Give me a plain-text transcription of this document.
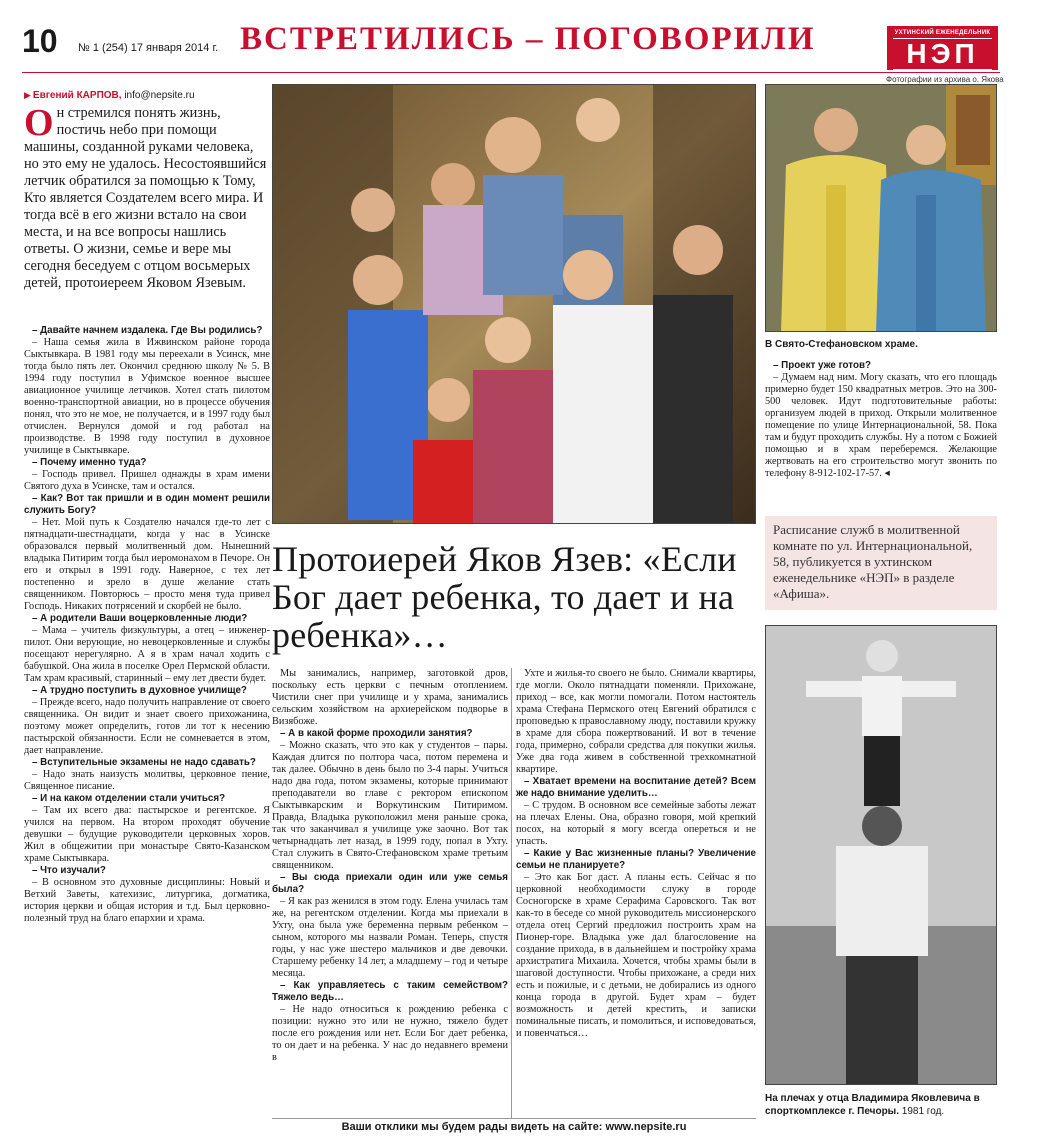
10 № 1 (254) 17 января 2014 г. ВСТРЕТИЛИСЬ – ПОГОВОРИЛИ	УХТИНСКИЙ ЕЖЕНЕДЕЛЬНИК
НЭП
Фотографии из архива о. Якова
▶ Евгений КАРПОВ, info@nepsite.ru
Он стремился понять жизнь, постичь небо при помощи машины, созданной руками человека, но это ему не удалось. Несостоявшийся летчик обратился за помощью к Тому, Кто является Создателем всего мира. И тогда всё в его жизни встало на свои места, и на все вопросы нашлись ответы. О жизни, семье и вере мы сегодня беседуем с отцом восьмерых детей, протоиереем Яковом Язевым.

– Давайте начнем издалека. Где Вы родились?

– Наша семья жила в Ижвинском районе города Сыктывкара. В 1981 году мы переехали в Усинск, мне тогда было пять лет. Окончил среднюю школу № 5. В 1994 году поступил в Уфимское военное высшее авиационное училище летчиков. Хотел стать пилотом военно-транспортной авиации, но в процессе обучения понял, что это не мое, не получается, и в 1997 году был отчислен. Вернулся домой и год работал на производстве. В 1998 году поступил в духовное училище в Сыктывкаре.

– Почему именно туда?

– Господь привел. Пришел однажды в храм имени Святого духа в Усинске, там и остался.

– Как? Вот так пришли и в один момент решили служить Богу?

– Нет. Мой путь к Создателю начался где-то лет с пятнадцати-шестнадцати, когда у нас в Усинске образовался первый молитвенный дом. Нынешний владыка Питирим тогда был иеромонахом в Печоре. Он его и открыл в 1991 году. Наверное, с тех лет постепенно и зрело в душе желание стать священником. Повторюсь – просто меня туда привел Господь. Никаких потрясений и скорбей не было.

– А родители Ваши воцерковленные люди?

– Мама – учитель физкультуры, а отец – инженер-пилот. Они верующие, но невоцерковленные и службы посещают нерегулярно. А я в храм начал ходить с бабушкой. Она жила в поселке Орел Пермской области. Там храм красивый, старинный – ему лет двести будет.

– А трудно поступить в духовное училище?

– Прежде всего, надо получить направление от своего священника. Он видит и знает своего прихожанина, поэтому может определить, готов ли тот к несению пастырской обязанности. Если не сомневается в этом, дает направление.

– Вступительные экзамены не надо сдавать?

– Надо знать наизусть молитвы, церковное пение, Священное писание.

– И на каком отделении стали учиться?

– Там их всего два: пастырское и регентское. Я учился на первом. На втором проходят обучение девушки – будущие руководители церковных хоров. Жил в общежитии при монастыре Свято-Казанском храме Сыктывкара.

– Что изучали?

– В основном это духовные дисциплины: Новый и Ветхий Заветы, катехизис, литургика, догматика, история церкви и общая история и т.д. Был церковно-полезный труд на благо епархии и храма.

Протоиерей Яков Язев: «Если Бог дает ребенка, то дает и на ребенка»…

Мы занимались, например, заготовкой дров, поскольку есть церкви с печным отоплением. Чистили снег при училище и у храма, занимались сельским хозяйством на архиерейском подворье в Визябоже.

– А в какой форме проходили занятия?

– Можно сказать, что это как у студентов – пары. Каждая длится по полтора часа, потом перемена и так далее. Обычно в день было по 3-4 пары. Учиться надо два года, потом экзамены, которые принимают преподаватели во главе с ректором епископом Сыктывкарским и Воркутинским Питиримом. Правда, Владыка рукоположил меня раньше срока, так что заканчивал я училище уже заочно. Вот так четырнадцать лет назад, в 1999 году, попал в Ухту. Стал служить в Свято-Стефановском храме третьим священником.

– Вы сюда приехали один или уже семья была?

– Я как раз женился в этом году. Елена училась там же, на регентском отделении. Когда мы приехали в Ухту, она была уже беременна первым ребенком – сыном, которого мы назвали Роман. Теперь, спустя годы, у нас уже шестеро мальчиков и две девочки. Старшему ребенку 14 лет, а младшему – год и четыре месяца.

– Как управляетесь с таким семейством? Тяжело ведь…

– Не надо относиться к рождению ребенка с позиции: нужно это или не нужно, тяжело будет после его рождения или нет. Если Бог дает ребенка, то он дает и на ребенка. У нас до недавнего времени в

Ухте и жилья-то своего не было. Снимали квартиры, где могли. Около пятнадцати поменяли. Прихожане, приход – все, как могли помогали. Потом настоятель храма Стефана Пермского отец Евгений обратился с проповедью к православному люду, поставили кружку в храме для сбора пожертвований. И вот в течение года, примерно, собрали средства для покупки жилья. Уже два года живем в собственной трехкомнатной квартире.

– Хватает времени на воспитание детей? Всем же надо внимание уделить…

– С трудом. В основном все семейные заботы лежат на плечах Елены. Она, образно говоря, мой крепкий посох, на который я могу всегда опереться и не упасть.

– Какие у Вас жизненные планы? Увеличение семьи не планируете?

– Это как Бог даст. А планы есть. Сейчас я по церковной необходимости служу в городе Сосногорске в храме Серафима Саровского. Так вот как-то в беседе со мной руководитель миссионерского отдела отец Сергий предложил построить храм на Пионер-горе. Владыка уже дал благословение на создание прихода, в в дальнейшем и постройку храма архистратига Михаила. Хочется, чтобы храмы были в шаговой доступности. Чтобы прихожане, а среди них есть и пожилые, и с детьми, не добирались из одного конца города в другой. Будет храм – будет возможность и детей крестить, и записки поминальные писать, и помолиться, и исповедоваться, и повенчаться…

В Свято-Стефановском храме.

– Проект уже готов?

– Думаем над ним. Могу сказать, что его площадь примерно будет 150 квадратных метров. Это на 300-500 человек. Идут подготовительные работы: организуем людей в приход. Открыли молитвенное помещение по улице Интернациональной, 58. Пока там и будут проходить службы. Ну а потом с Божией помощью и в храм переберемся. Желающие жертвовать на его строительство могут звонить по телефону 8-912-102-17-57. ◂

Расписание служб в молитвенной комнате по ул. Интернациональной, 58, публикуется в ухтинском еженедельнике «НЭП» в разделе «Афиша».
На плечах у отца Владимира Яковлевича в спорткомплексе г. Печоры. 1981 год.
Ваши отклики мы будем рады видеть на сайте: www.nepsite.ru
